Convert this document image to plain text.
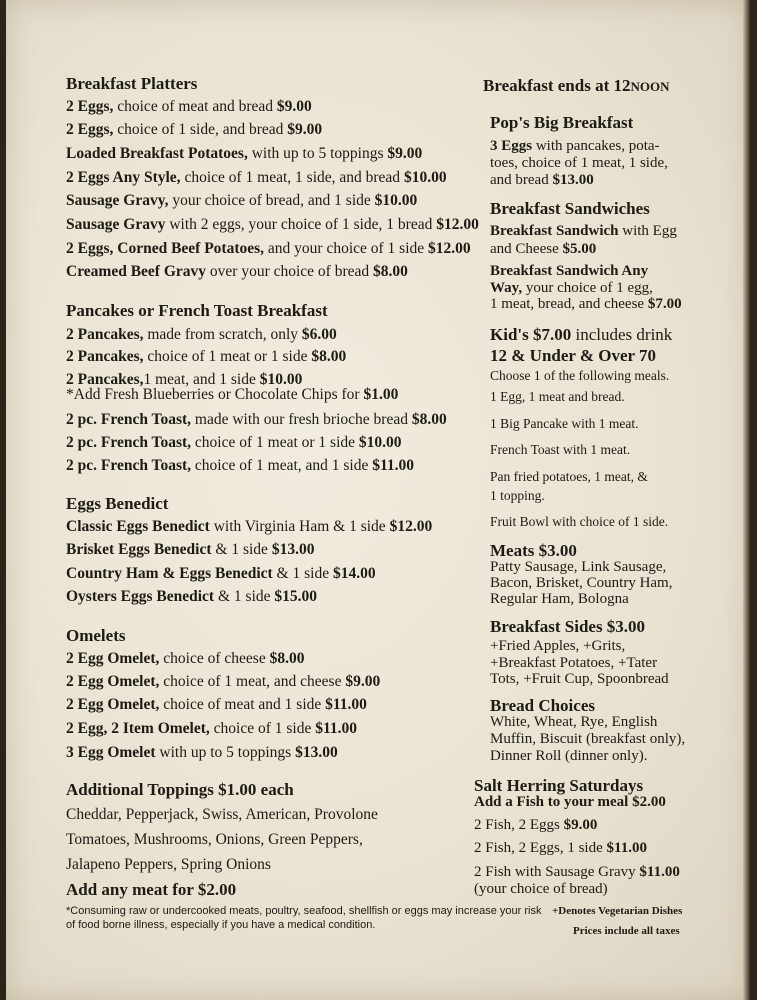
Breakfast Platters
2 Eggs, choice of meat and bread $9.00
2 Eggs, choice of 1 side, and bread $9.00
Loaded Breakfast Potatoes, with up to 5 toppings $9.00
2 Eggs Any Style, choice of 1 meat, 1 side, and bread $10.00
Sausage Gravy, your choice of bread, and 1 side $10.00
Sausage Gravy with 2 eggs, your choice of 1 side, 1 bread $12.00
2 Eggs, Corned Beef Potatoes, and your choice of 1 side $12.00
Creamed Beef Gravy over your choice of bread $8.00
Pancakes or French Toast Breakfast
2 Pancakes, made from scratch, only $6.00
2 Pancakes, choice of 1 meat or 1 side $8.00
2 Pancakes,1 meat, and 1 side $10.00
*Add Fresh Blueberries or Chocolate Chips for $1.00
2 pc. French Toast, made with our fresh brioche bread $8.00
2 pc. French Toast, choice of 1 meat or 1 side $10.00
2 pc. French Toast, choice of 1 meat, and 1 side $11.00
Eggs Benedict
Classic Eggs Benedict with Virginia Ham & 1 side $12.00
Brisket Eggs Benedict & 1 side $13.00
Country Ham & Eggs Benedict & 1 side $14.00
Oysters Eggs Benedict & 1 side $15.00
Omelets
2 Egg Omelet, choice of cheese $8.00
2 Egg Omelet, choice of 1 meat, and cheese $9.00
2 Egg Omelet, choice of meat and 1 side $11.00
2 Egg, 2 Item Omelet, choice of 1 side $11.00
3 Egg Omelet with up to 5 toppings $13.00
Additional Toppings $1.00 each
Cheddar, Pepperjack, Swiss, American, Provolone
Tomatoes, Mushrooms, Onions, Green Peppers,
Jalapeno Peppers, Spring Onions
Add any meat for $2.00
*Consuming raw or undercooked meats, poultry, seafood, shellfish or eggs may increase your risk
of food borne illness, especially if you have a medical condition.
Breakfast ends at 12NOON
Pop's Big Breakfast
3 Eggs with pancakes, pota-
toes, choice of 1 meat, 1 side,
and bread $13.00
Breakfast Sandwiches
Breakfast Sandwich with Egg
and Cheese $5.00
Breakfast Sandwich Any
Way, your choice of 1 egg,
1 meat, bread, and cheese $7.00
Kid's $7.00 includes drink
12 & Under & Over 70
Choose 1 of the following meals.
1 Egg, 1 meat and bread.
1 Big Pancake with 1 meat.
French Toast with 1 meat.
Pan fried potatoes, 1 meat, &
1 topping.
Fruit Bowl with choice of 1 side.
Meats $3.00
Patty Sausage, Link Sausage,
Bacon, Brisket, Country Ham,
Regular Ham, Bologna
Breakfast Sides $3.00
+Fried Apples, +Grits,
+Breakfast Potatoes, +Tater
Tots, +Fruit Cup, Spoonbread
Bread Choices
White, Wheat, Rye, English
Muffin, Biscuit (breakfast only),
Dinner Roll (dinner only).
Salt Herring Saturdays
Add a Fish to your meal $2.00
2 Fish, 2 Eggs $9.00
2 Fish, 2 Eggs, 1 side $11.00
2 Fish with Sausage Gravy $11.00
(your choice of bread)
+Denotes Vegetarian Dishes
Prices include all taxes
